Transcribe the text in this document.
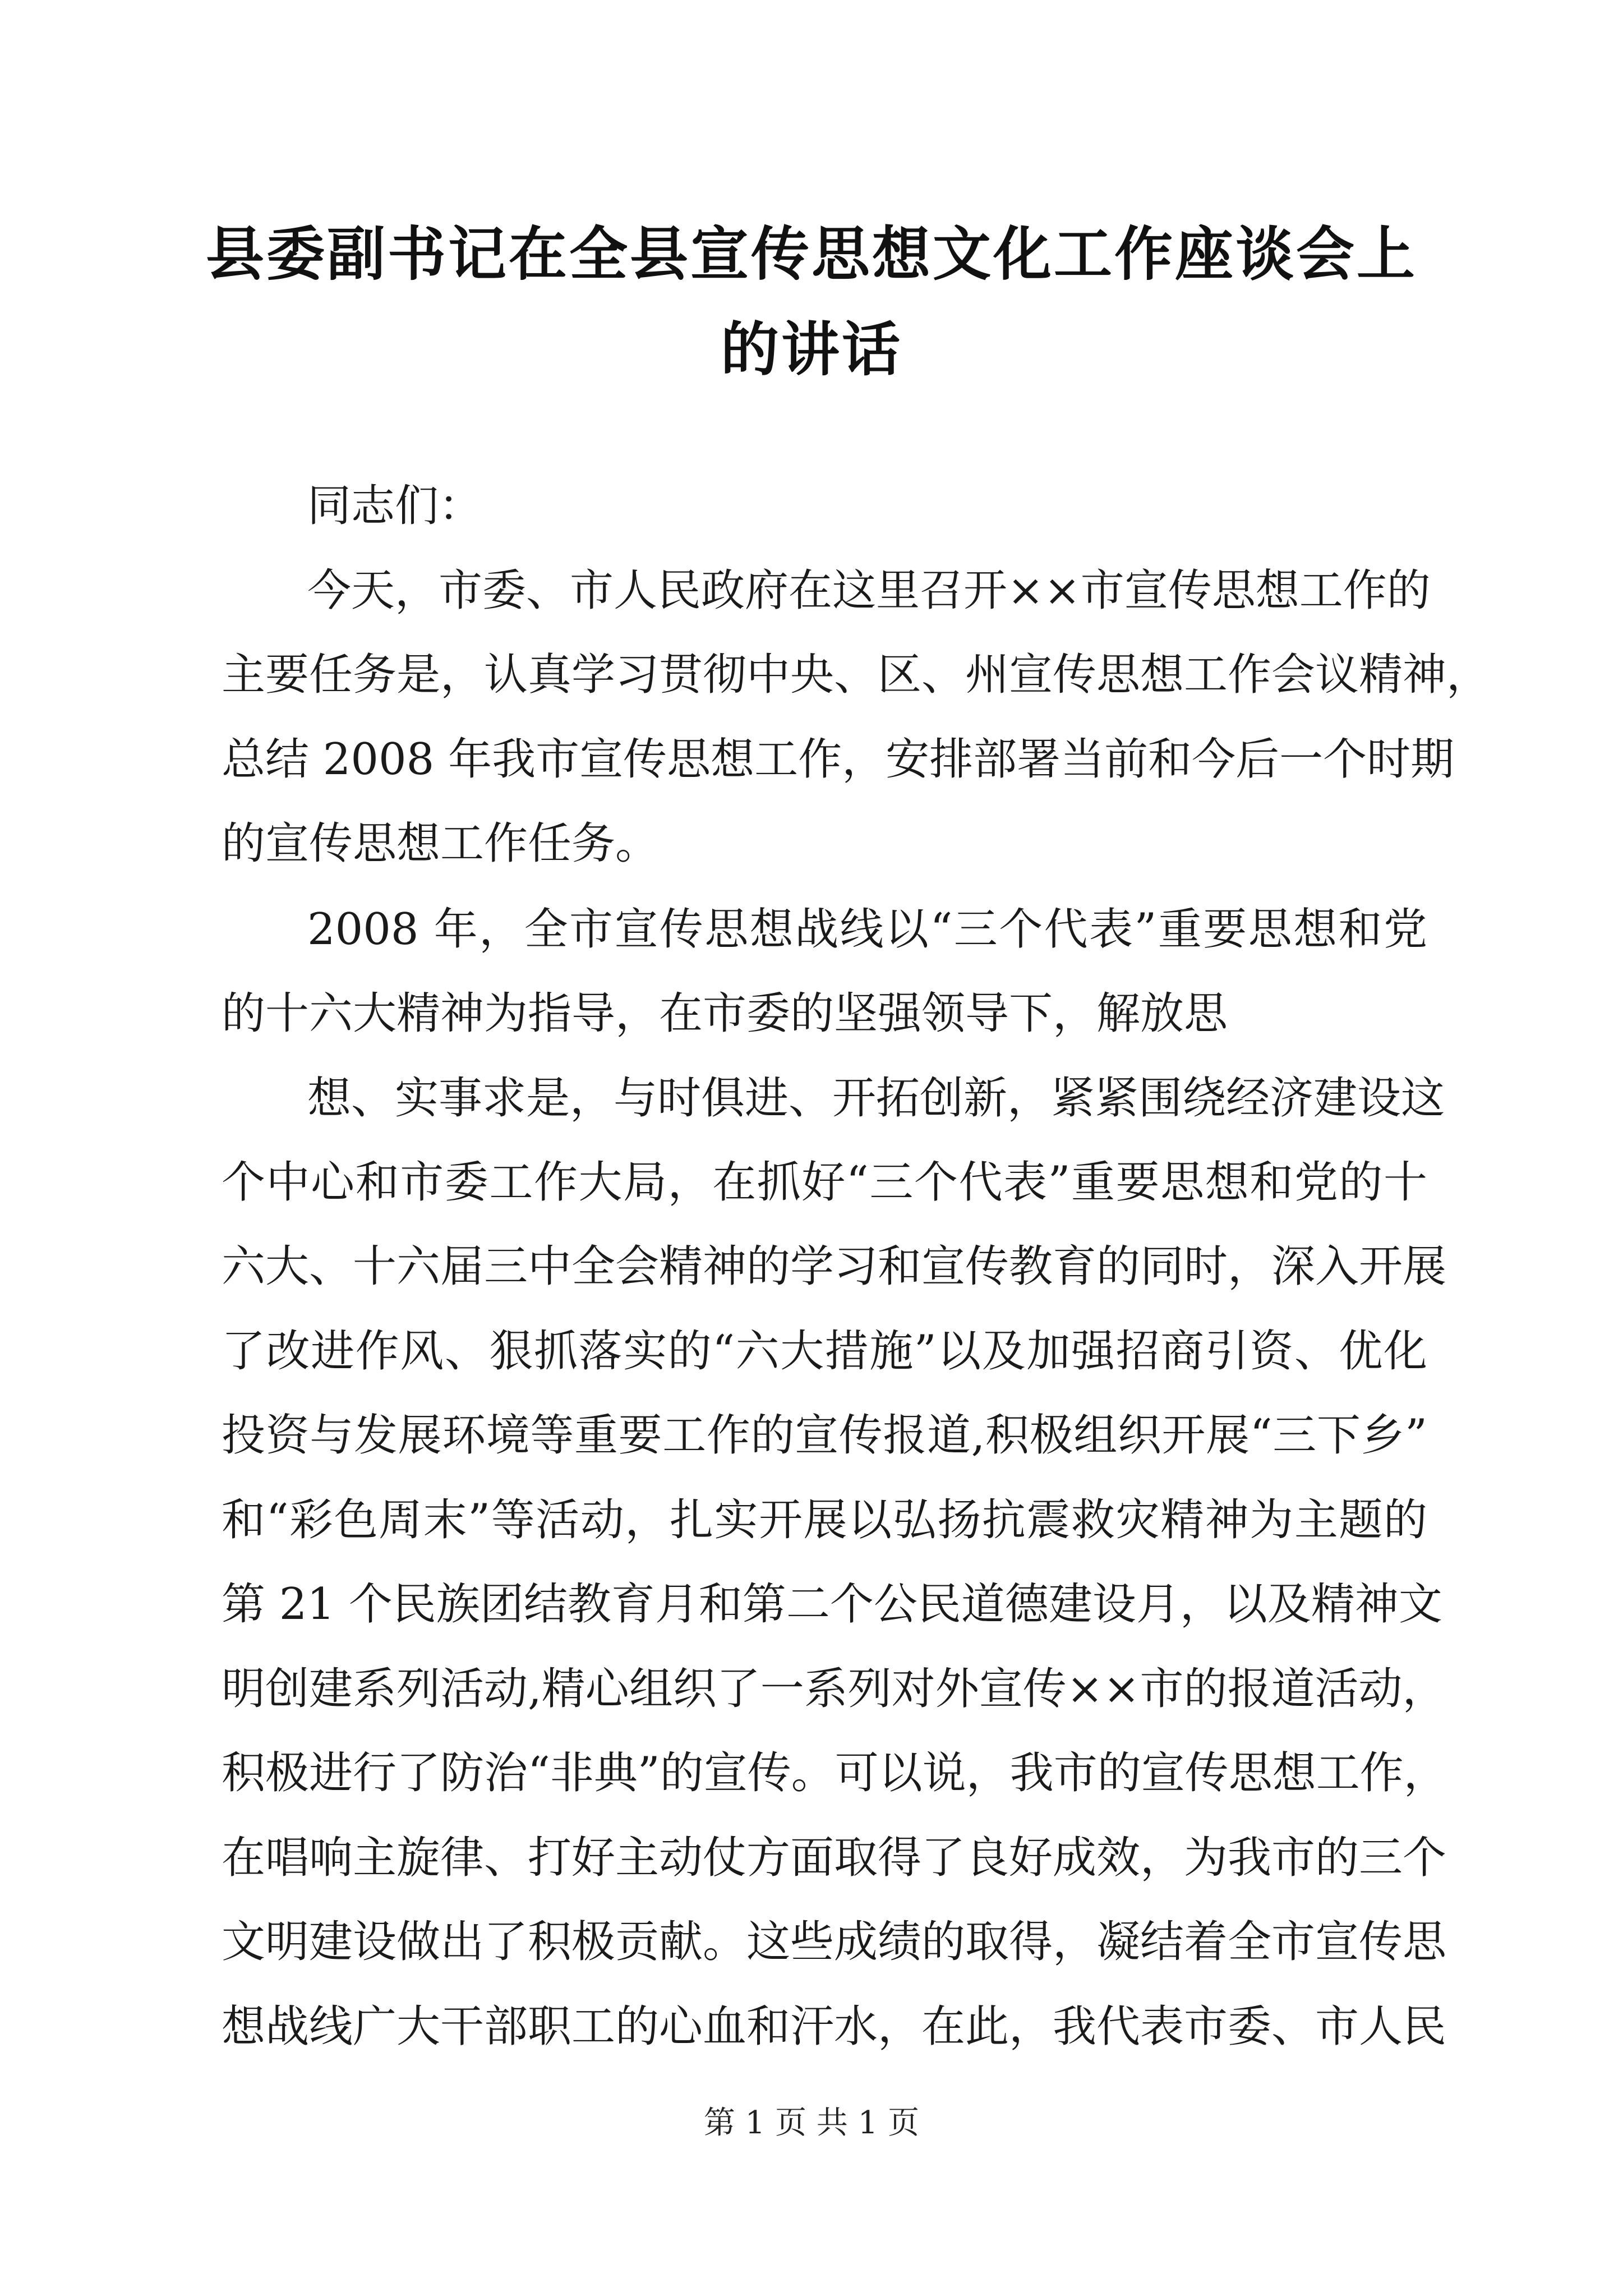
县委副书记在全县宣传思想文化工作座谈会上
的讲话

同志们：

今天，市委、市人民政府在这里召开××市宣传思想工作的

主要任务是，认真学习贯彻中央、区、州宣传思想工作会议精神，

总结 2008 年我市宣传思想工作，安排部署当前和今后一个时期

的宣传思想工作任务。

2008 年，全市宣传思想战线以“三个代表”重要思想和党

的十六大精神为指导，在市委的坚强领导下，解放思

想、实事求是，与时俱进、开拓创新，紧紧围绕经济建设这

个中心和市委工作大局，在抓好“三个代表”重要思想和党的十

六大、十六届三中全会精神的学习和宣传教育的同时，深入开展

了改进作风、狠抓落实的“六大措施”以及加强招商引资、优化

投资与发展环境等重要工作的宣传报道,积极组织开展“三下乡”

和“彩色周末”等活动，扎实开展以弘扬抗震救灾精神为主题的

第 21 个民族团结教育月和第二个公民道德建设月，以及精神文

明创建系列活动,精心组织了一系列对外宣传××市的报道活动，

积极进行了防治“非典”的宣传。可以说，我市的宣传思想工作，

在唱响主旋律、打好主动仗方面取得了良好成效，为我市的三个

文明建设做出了积极贡献。这些成绩的取得，凝结着全市宣传思

想战线广大干部职工的心血和汗水，在此，我代表市委、市人民

第 1 页 共 1 页
